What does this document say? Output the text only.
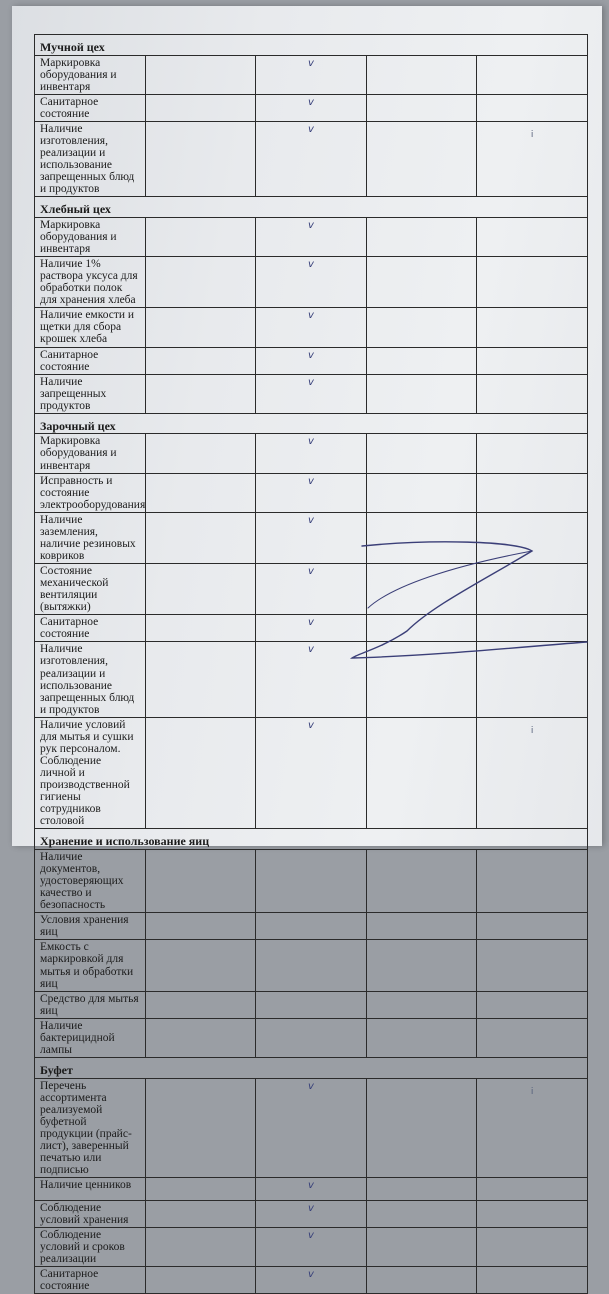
Мучной цех				
Маркировка оборудования и инвентаря		v		

Санитарное состояние		v		

Наличие изготовления, реализации и использование запрещенных блюд и продуктов		v		i

Хлебный цех				
Маркировка оборудования и инвентаря		v		

Наличие 1% раствора уксуса для обработки полок для хранения хлеба		v		

Наличие емкости и щетки для сбора крошек хлеба		v		

Санитарное состояние		v		

Наличие запрещенных продуктов		v		

Зарочный цех				
Маркировка оборудования и инвентаря		v		

Исправность и состояние электрооборудования		v		

Наличие заземления, наличие резиновых ковриков		v		

Состояние механической вентиляции (вытяжки)		v		

Санитарное состояние		v		

Наличие изготовления, реализации и использование запрещенных блюд и продуктов		v		

Наличие условий для мытья и сушки рук персоналом. Соблюдение личной и производственной гигиены сотрудников столовой		v		i

Хранение и использование яиц				
Наличие документов, удостоверяющих качество и безопасность				
Условия хранения яиц				
Емкость с маркировкой для мытья и обработки яиц				
Средство для мытья яиц				
Наличие бактерицидной лампы				
Буфет				
Перечень ассортимента реализуемой буфетной продукции (прайс-лист), заверенный печатью или подписью		v		i

Наличие ценников		v		

Соблюдение условий хранения		v		

Соблюдение условий и сроков реализации		v		

Санитарное состояние		v		
